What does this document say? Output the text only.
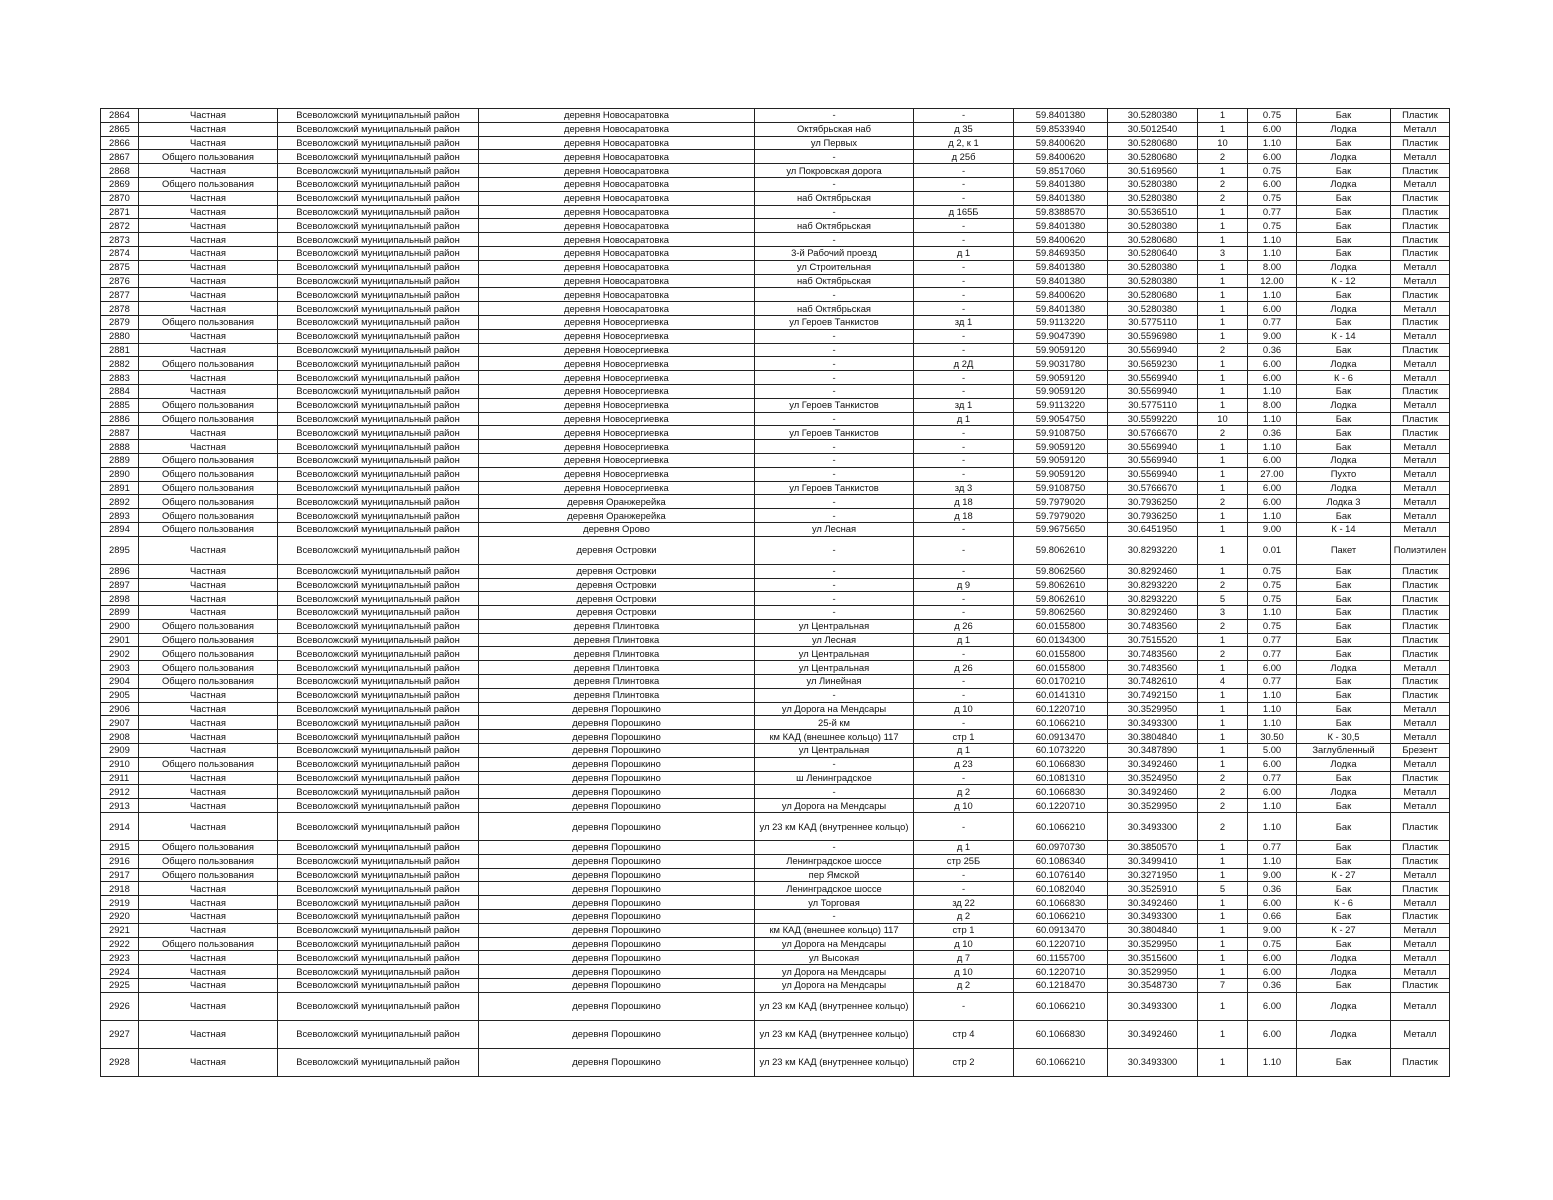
2864	Частная	Всеволожский муниципальный район	деревня Новосаратовка	-	-	59.8401380	30.5280380	1	0.75	Бак	Пластик
2865	Частная	Всеволожский муниципальный район	деревня Новосаратовка	Октябрьская наб	д 35	59.8533940	30.5012540	1	6.00	Лодка	Металл
2866	Частная	Всеволожский муниципальный район	деревня Новосаратовка	ул Первых	д 2, к 1	59.8400620	30.5280680	10	1.10	Бак	Пластик
2867	Общего пользования	Всеволожский муниципальный район	деревня Новосаратовка	-	д 25б	59.8400620	30.5280680	2	6.00	Лодка	Металл
2868	Частная	Всеволожский муниципальный район	деревня Новосаратовка	ул Покровская дорога	-	59.8517060	30.5169560	1	0.75	Бак	Пластик
2869	Общего пользования	Всеволожский муниципальный район	деревня Новосаратовка	-	-	59.8401380	30.5280380	2	6.00	Лодка	Металл
2870	Частная	Всеволожский муниципальный район	деревня Новосаратовка	наб Октябрьская	-	59.8401380	30.5280380	2	0.75	Бак	Пластик
2871	Частная	Всеволожский муниципальный район	деревня Новосаратовка	-	д 165Б	59.8388570	30.5536510	1	0.77	Бак	Пластик
2872	Частная	Всеволожский муниципальный район	деревня Новосаратовка	наб Октябрьская	-	59.8401380	30.5280380	1	0.75	Бак	Пластик
2873	Частная	Всеволожский муниципальный район	деревня Новосаратовка	-	-	59.8400620	30.5280680	1	1.10	Бак	Пластик
2874	Частная	Всеволожский муниципальный район	деревня Новосаратовка	3-й Рабочий проезд	д 1	59.8469350	30.5280640	3	1.10	Бак	Пластик
2875	Частная	Всеволожский муниципальный район	деревня Новосаратовка	ул Строительная	-	59.8401380	30.5280380	1	8.00	Лодка	Металл
2876	Частная	Всеволожский муниципальный район	деревня Новосаратовка	наб Октябрьская	-	59.8401380	30.5280380	1	12.00	К - 12	Металл
2877	Частная	Всеволожский муниципальный район	деревня Новосаратовка	-	-	59.8400620	30.5280680	1	1.10	Бак	Пластик
2878	Частная	Всеволожский муниципальный район	деревня Новосаратовка	наб Октябрьская	-	59.8401380	30.5280380	1	6.00	Лодка	Металл
2879	Общего пользования	Всеволожский муниципальный район	деревня Новосергиевка	ул Героев Танкистов	зд 1	59.9113220	30.5775110	1	0.77	Бак	Пластик
2880	Частная	Всеволожский муниципальный район	деревня Новосергиевка	-	-	59.9047390	30.5596980	1	9.00	К - 14	Металл
2881	Частная	Всеволожский муниципальный район	деревня Новосергиевка	-	-	59.9059120	30.5569940	2	0.36	Бак	Пластик
2882	Общего пользования	Всеволожский муниципальный район	деревня Новосергиевка	-	д 2Д	59.9031780	30.5659230	1	6.00	Лодка	Металл
2883	Частная	Всеволожский муниципальный район	деревня Новосергиевка	-	-	59.9059120	30.5569940	1	6.00	К - 6	Металл
2884	Частная	Всеволожский муниципальный район	деревня Новосергиевка	-	-	59.9059120	30.5569940	1	1.10	Бак	Пластик
2885	Общего пользования	Всеволожский муниципальный район	деревня Новосергиевка	ул Героев Танкистов	зд 1	59.9113220	30.5775110	1	8.00	Лодка	Металл
2886	Общего пользования	Всеволожский муниципальный район	деревня Новосергиевка	-	д 1	59.9054750	30.5599220	10	1.10	Бак	Пластик
2887	Частная	Всеволожский муниципальный район	деревня Новосергиевка	ул Героев Танкистов	-	59.9108750	30.5766670	2	0.36	Бак	Пластик
2888	Частная	Всеволожский муниципальный район	деревня Новосергиевка	-	-	59.9059120	30.5569940	1	1.10	Бак	Металл
2889	Общего пользования	Всеволожский муниципальный район	деревня Новосергиевка	-	-	59.9059120	30.5569940	1	6.00	Лодка	Металл
2890	Общего пользования	Всеволожский муниципальный район	деревня Новосергиевка	-	-	59.9059120	30.5569940	1	27.00	Пухто	Металл
2891	Общего пользования	Всеволожский муниципальный район	деревня Новосергиевка	ул Героев Танкистов	зд 3	59.9108750	30.5766670	1	6.00	Лодка	Металл
2892	Общего пользования	Всеволожский муниципальный район	деревня Оранжерейка	-	д 18	59.7979020	30.7936250	2	6.00	Лодка 3	Металл
2893	Общего пользования	Всеволожский муниципальный район	деревня Оранжерейка	-	д 18	59.7979020	30.7936250	1	1.10	Бак	Металл
2894	Общего пользования	Всеволожский муниципальный район	деревня Орово	ул Лесная	-	59.9675650	30.6451950	1	9.00	К - 14	Металл
2895	Частная	Всеволожский муниципальный район	деревня Островки	-	-	59.8062610	30.8293220	1	0.01	Пакет	Полиэтилен
2896	Частная	Всеволожский муниципальный район	деревня Островки	-	-	59.8062560	30.8292460	1	0.75	Бак	Пластик
2897	Частная	Всеволожский муниципальный район	деревня Островки	-	д 9	59.8062610	30.8293220	2	0.75	Бак	Пластик
2898	Частная	Всеволожский муниципальный район	деревня Островки	-	-	59.8062610	30.8293220	5	0.75	Бак	Пластик
2899	Частная	Всеволожский муниципальный район	деревня Островки	-	-	59.8062560	30.8292460	3	1.10	Бак	Пластик
2900	Общего пользования	Всеволожский муниципальный район	деревня Плинтовка	ул Центральная	д 26	60.0155800	30.7483560	2	0.75	Бак	Пластик
2901	Общего пользования	Всеволожский муниципальный район	деревня Плинтовка	ул Лесная	д 1	60.0134300	30.7515520	1	0.77	Бак	Пластик
2902	Общего пользования	Всеволожский муниципальный район	деревня Плинтовка	ул Центральная	-	60.0155800	30.7483560	2	0.77	Бак	Пластик
2903	Общего пользования	Всеволожский муниципальный район	деревня Плинтовка	ул Центральная	д 26	60.0155800	30.7483560	1	6.00	Лодка	Металл
2904	Общего пользования	Всеволожский муниципальный район	деревня Плинтовка	ул Линейная	-	60.0170210	30.7482610	4	0.77	Бак	Пластик
2905	Частная	Всеволожский муниципальный район	деревня Плинтовка	-	-	60.0141310	30.7492150	1	1.10	Бак	Пластик
2906	Частная	Всеволожский муниципальный район	деревня Порошкино	ул Дорога на Мендсары	д 10	60.1220710	30.3529950	1	1.10	Бак	Металл
2907	Частная	Всеволожский муниципальный район	деревня Порошкино	25-й км	-	60.1066210	30.3493300	1	1.10	Бак	Металл
2908	Частная	Всеволожский муниципальный район	деревня Порошкино	км КАД (внешнее кольцо) 117	стр 1	60.0913470	30.3804840	1	30.50	К - 30,5	Металл
2909	Частная	Всеволожский муниципальный район	деревня Порошкино	ул Центральная	д 1	60.1073220	30.3487890	1	5.00	Заглубленный	Брезент
2910	Общего пользования	Всеволожский муниципальный район	деревня Порошкино	-	д 23	60.1066830	30.3492460	1	6.00	Лодка	Металл
2911	Частная	Всеволожский муниципальный район	деревня Порошкино	ш Ленинградское	-	60.1081310	30.3524950	2	0.77	Бак	Пластик
2912	Частная	Всеволожский муниципальный район	деревня Порошкино	-	д 2	60.1066830	30.3492460	2	6.00	Лодка	Металл
2913	Частная	Всеволожский муниципальный район	деревня Порошкино	ул Дорога на Мендсары	д 10	60.1220710	30.3529950	2	1.10	Бак	Металл
2914	Частная	Всеволожский муниципальный район	деревня Порошкино	ул 23 км КАД (внутреннее кольцо)	-	60.1066210	30.3493300	2	1.10	Бак	Пластик
2915	Общего пользования	Всеволожский муниципальный район	деревня Порошкино	-	д 1	60.0970730	30.3850570	1	0.77	Бак	Пластик
2916	Общего пользования	Всеволожский муниципальный район	деревня Порошкино	Ленинградское шоссе	стр 25Б	60.1086340	30.3499410	1	1.10	Бак	Пластик
2917	Общего пользования	Всеволожский муниципальный район	деревня Порошкино	пер Ямской	-	60.1076140	30.3271950	1	9.00	К - 27	Металл
2918	Частная	Всеволожский муниципальный район	деревня Порошкино	Ленинградское шоссе	-	60.1082040	30.3525910	5	0.36	Бак	Пластик
2919	Частная	Всеволожский муниципальный район	деревня Порошкино	ул Торговая	зд 22	60.1066830	30.3492460	1	6.00	К - 6	Металл
2920	Частная	Всеволожский муниципальный район	деревня Порошкино	-	д 2	60.1066210	30.3493300	1	0.66	Бак	Пластик
2921	Частная	Всеволожский муниципальный район	деревня Порошкино	км КАД (внешнее кольцо) 117	стр 1	60.0913470	30.3804840	1	9.00	К - 27	Металл
2922	Общего пользования	Всеволожский муниципальный район	деревня Порошкино	ул Дорога на Мендсары	д 10	60.1220710	30.3529950	1	0.75	Бак	Металл
2923	Частная	Всеволожский муниципальный район	деревня Порошкино	ул Высокая	д 7	60.1155700	30.3515600	1	6.00	Лодка	Металл
2924	Частная	Всеволожский муниципальный район	деревня Порошкино	ул Дорога на Мендсары	д 10	60.1220710	30.3529950	1	6.00	Лодка	Металл
2925	Частная	Всеволожский муниципальный район	деревня Порошкино	ул Дорога на Мендсары	д 2	60.1218470	30.3548730	7	0.36	Бак	Пластик
2926	Частная	Всеволожский муниципальный район	деревня Порошкино	ул 23 км КАД (внутреннее кольцо)	-	60.1066210	30.3493300	1	6.00	Лодка	Металл
2927	Частная	Всеволожский муниципальный район	деревня Порошкино	ул 23 км КАД (внутреннее кольцо)	стр 4	60.1066830	30.3492460	1	6.00	Лодка	Металл
2928	Частная	Всеволожский муниципальный район	деревня Порошкино	ул 23 км КАД (внутреннее кольцо)	стр 2	60.1066210	30.3493300	1	1.10	Бак	Пластик
